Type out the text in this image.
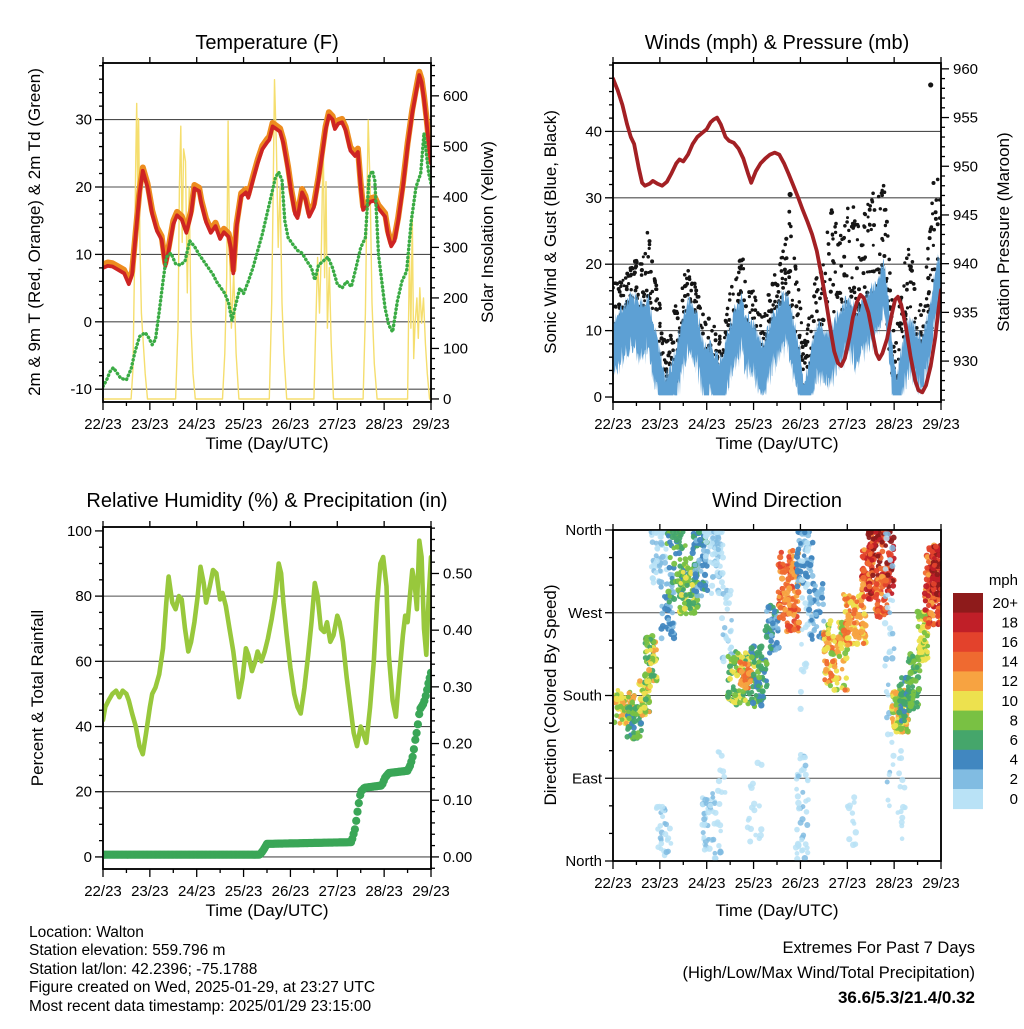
Temperature (F)	Winds (mph) & Pressure (mb)
Relative Humidity (%) & Precipitation (in)	Wind Direction
Time (Day/UTC)	Time (Day/UTC)
Time (Day/UTC)	Time (Day/UTC)
2m & 9m T (Red, Orange) & 2m Td (Green)	Solar Insolation (Yellow)	Sonic Wind & Gust (Blue, Black)	Station Pressure (Maroon)
Percent & Total Rainfall	Direction (Colored By Speed)
-10
0
10
20
30
0
100
200
300
400
500
600
22/23 23/23 24/23 25/23 26/23 27/23 28/23 29/23
0
10
20
30
40
930
935
940
945
950
955
960
22/23 23/23 24/23 25/23 26/23 27/23 28/23 29/23
0
20
40
60
80
100
0.00
0.10
0.20
0.30
0.40
0.50
22/23 23/23 24/23 25/23 26/23 27/23 28/23 29/23
North
West
South
East
North
22/23 23/23 24/23 25/23 26/23 27/23 28/23 29/23
20+
18
16
14
12
10
8
6
4
2
0
mph
Location: Walton
Station elevation: 559.796 m
Station lat/lon: 42.2396; -75.1788
Figure created on Wed, 2025-01-29, at 23:27 UTC
Most recent data timestamp: 2025/01/29 23:15:00
Extremes For Past 7 Days
(High/Low/Max Wind/Total Precipitation)
36.6/5.3/21.4/0.32
